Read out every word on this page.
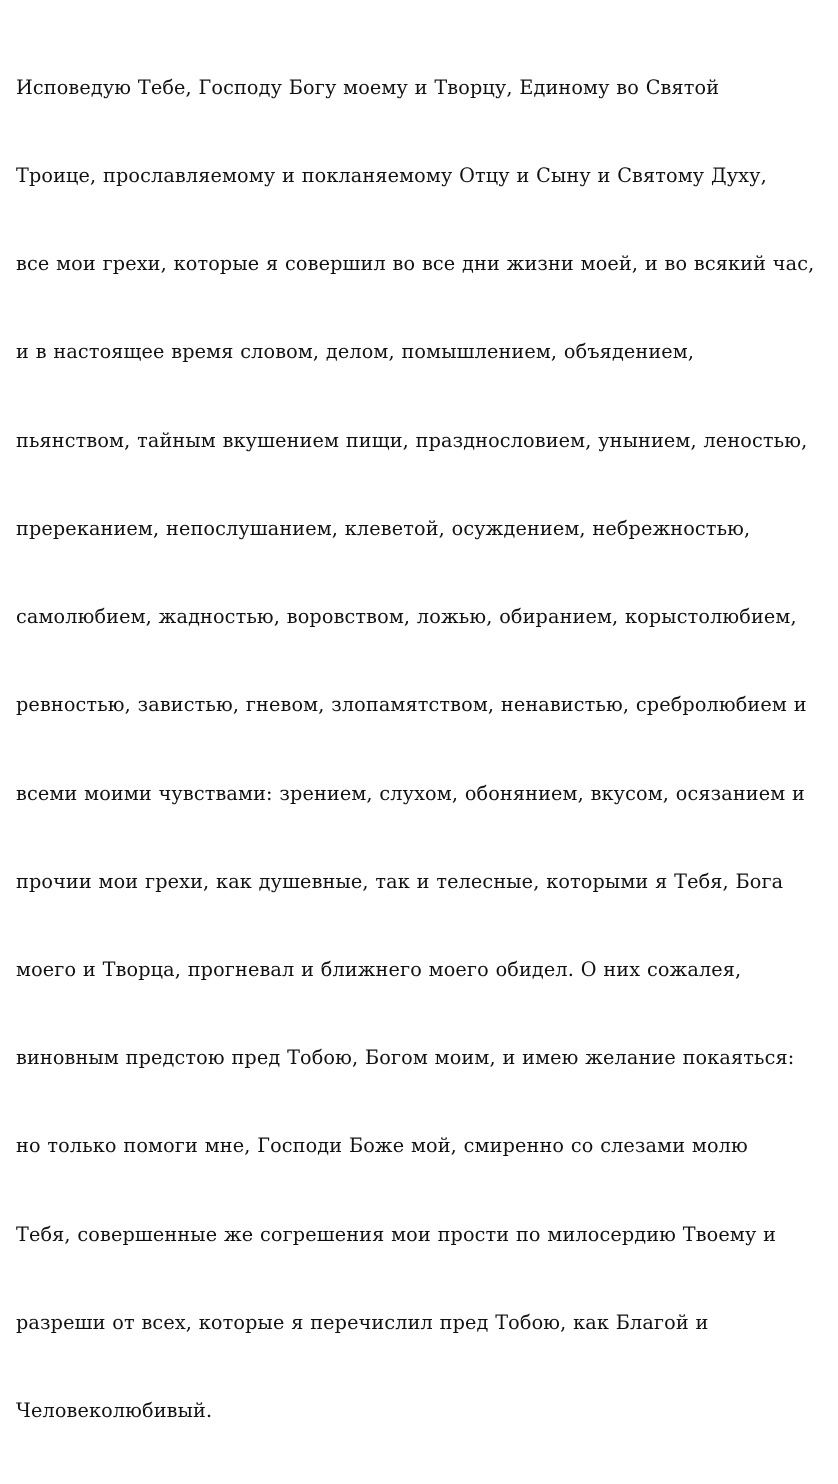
Исповедую Тебе, Господу Богу моему и Творцу, Единому во Святой

Троице, прославляемому и покланяемому Отцу и Сыну и Святому Духу,

все мои грехи, которые я совершил во все дни жизни моей, и во всякий час,

и в настоящее время словом, делом, помышлением, объядением,

пьянством, тайным вкушением пищи, празднословием, унынием, леностью,

пререканием, непослушанием, клеветой, осуждением, небрежностью,

самолюбием, жадностью, воровством, ложью, обиранием, корыстолюбием,

ревностью, завистью, гневом, злопамятством, ненавистью, сребролюбием и

всеми моими чувствами: зрением, слухом, обонянием, вкусом, осязанием и

прочии мои грехи, как душевные, так и телесные, которыми я Тебя, Бога

моего и Творца, прогневал и ближнего моего обидел. О них сожалея,

виновным предстою пред Тобою, Богом моим, и имею желание покаяться:

но только помоги мне, Господи Боже мой, смиренно со слезами молю

Тебя, совершенные же согрешения мои прости по милосердию Твоему и

разреши от всех, которые я перечислил пред Тобою, как Благой и

Человеколюбивый.
